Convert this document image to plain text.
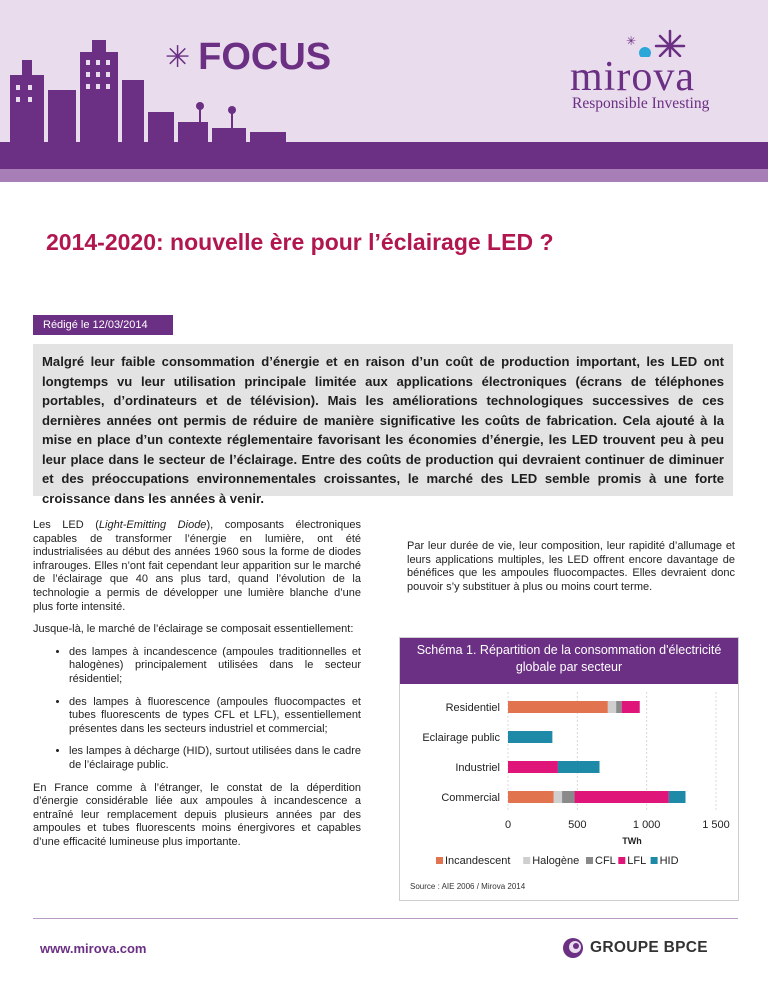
✳ FOCUS	✳
mirova
Responsible Investing
2014-2020: nouvelle ère pour l’éclairage LED ?
Rédigé le 12/03/2014

Malgré leur faible consommation d’énergie et en raison d’un coût de production important, les LED ont longtemps vu leur utilisation principale limitée aux applications électroniques (écrans de téléphones portables, d’ordinateurs et de télévision). Mais les améliorations technologiques successives de ces dernières années ont permis de réduire de manière significative les coûts de fabrication. Cela ajouté à la mise en place d’un contexte réglementaire favorisant les économies d’énergie, les LED trouvent peu à peu leur place dans le secteur de l’éclairage. Entre des coûts de production qui devraient continuer de diminuer et des préoccupations environnementales croissantes, le marché des LED semble promis à une forte croissance dans les années à venir.

Les LED (Light-Emitting Diode), composants électroniques capables de transformer l’énergie en lumière, ont été industrialisées au début des années 1960 sous la forme de diodes infrarouges. Elles n’ont fait cependant leur apparition sur le marché de l’éclairage que 40 ans plus tard, quand l’évolution de la technologie a permis de développer une lumière blanche d’une plus forte intensité.

Jusque-là, le marché de l’éclairage se composait essentiellement:

• des lampes à incandescence (ampoules traditionnelles et halogènes) principalement utilisées dans le secteur résidentiel;
• des lampes à fluorescence (ampoules fluocompactes et tubes fluorescents de types CFL et LFL), essentiellement présentes dans les secteurs industriel et commercial;
• les lampes à décharge (HID), surtout utilisées dans le cadre de l’éclairage public.

En France comme à l’étranger, le constat de la déperdition d’énergie considérable liée aux ampoules à incandescence a entraîné leur remplacement depuis plusieurs années par des ampoules et tubes fluorescents moins énergivores et capables d’une efficacité lumineuse plus importante.

Par leur durée de vie, leur composition, leur rapidité d’allumage et leurs applications multiples, les LED offrent encore davantage de bénéfices que les ampoules fluocompactes. Elles devraient donc pouvoir s’y substituer à plus ou moins court terme.

Schéma 1. Répartition de la consommation d'électricité globale par secteur
Residentiel
Eclairage public
Industriel
Commercial
0	500	1 000	1 500
TWh
Incandescent Halogène CFL LFL HID
Source : AIE 2006 / Mirova 2014
www.mirova.com	GROUPE BPCE
